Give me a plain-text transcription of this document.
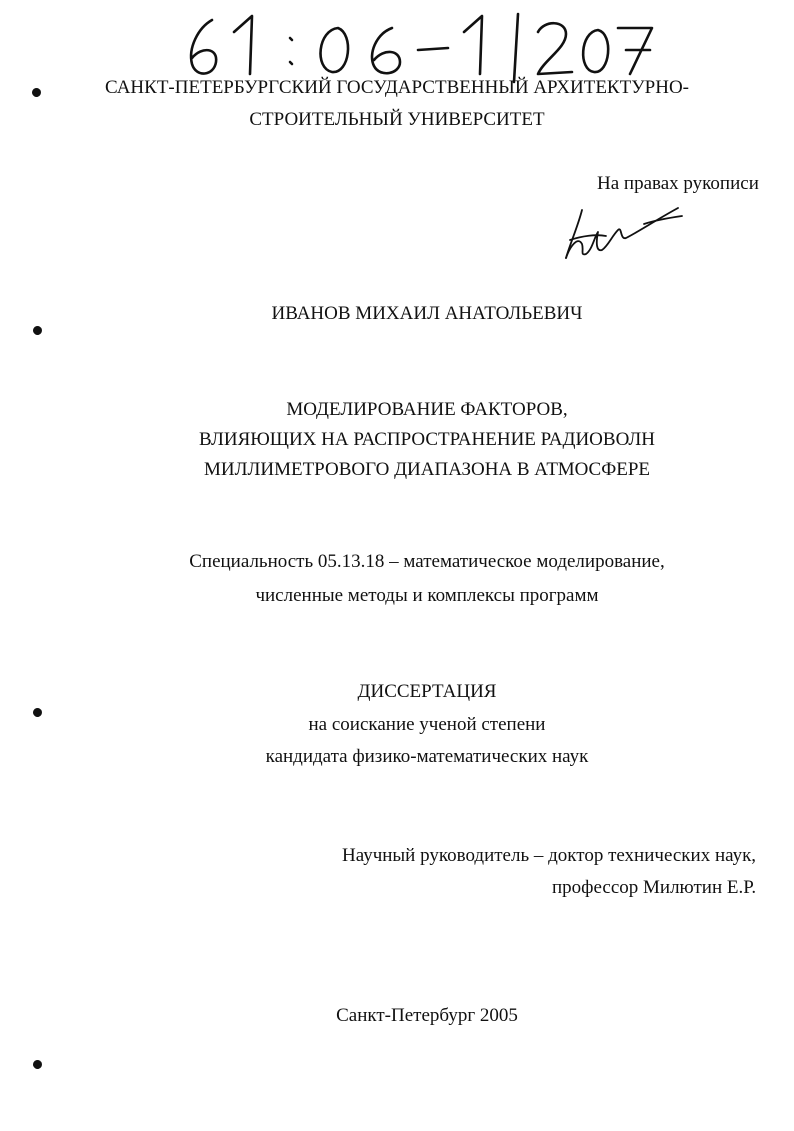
САНКТ-ПЕТЕРБУРГСКИЙ ГОСУДАРСТВЕННЫЙ АРХИТЕКТУРНО-
СТРОИТЕЛЬНЫЙ УНИВЕРСИТЕТ
На правах рукописи
ИВАНОВ МИХАИЛ АНАТОЛЬЕВИЧ
МОДЕЛИРОВАНИЕ ФАКТОРОВ,
ВЛИЯЮЩИХ НА РАСПРОСТРАНЕНИЕ РАДИОВОЛН
МИЛЛИМЕТРОВОГО ДИАПАЗОНА В АТМОСФЕРЕ
Специальность 05.13.18 – математическое моделирование,
численные методы и комплексы программ
ДИССЕРТАЦИЯ
на соискание ученой степени
кандидата физико-математических наук
Научный руководитель – доктор технических наук,
профессор Милютин Е.Р.
Санкт-Петербург 2005
